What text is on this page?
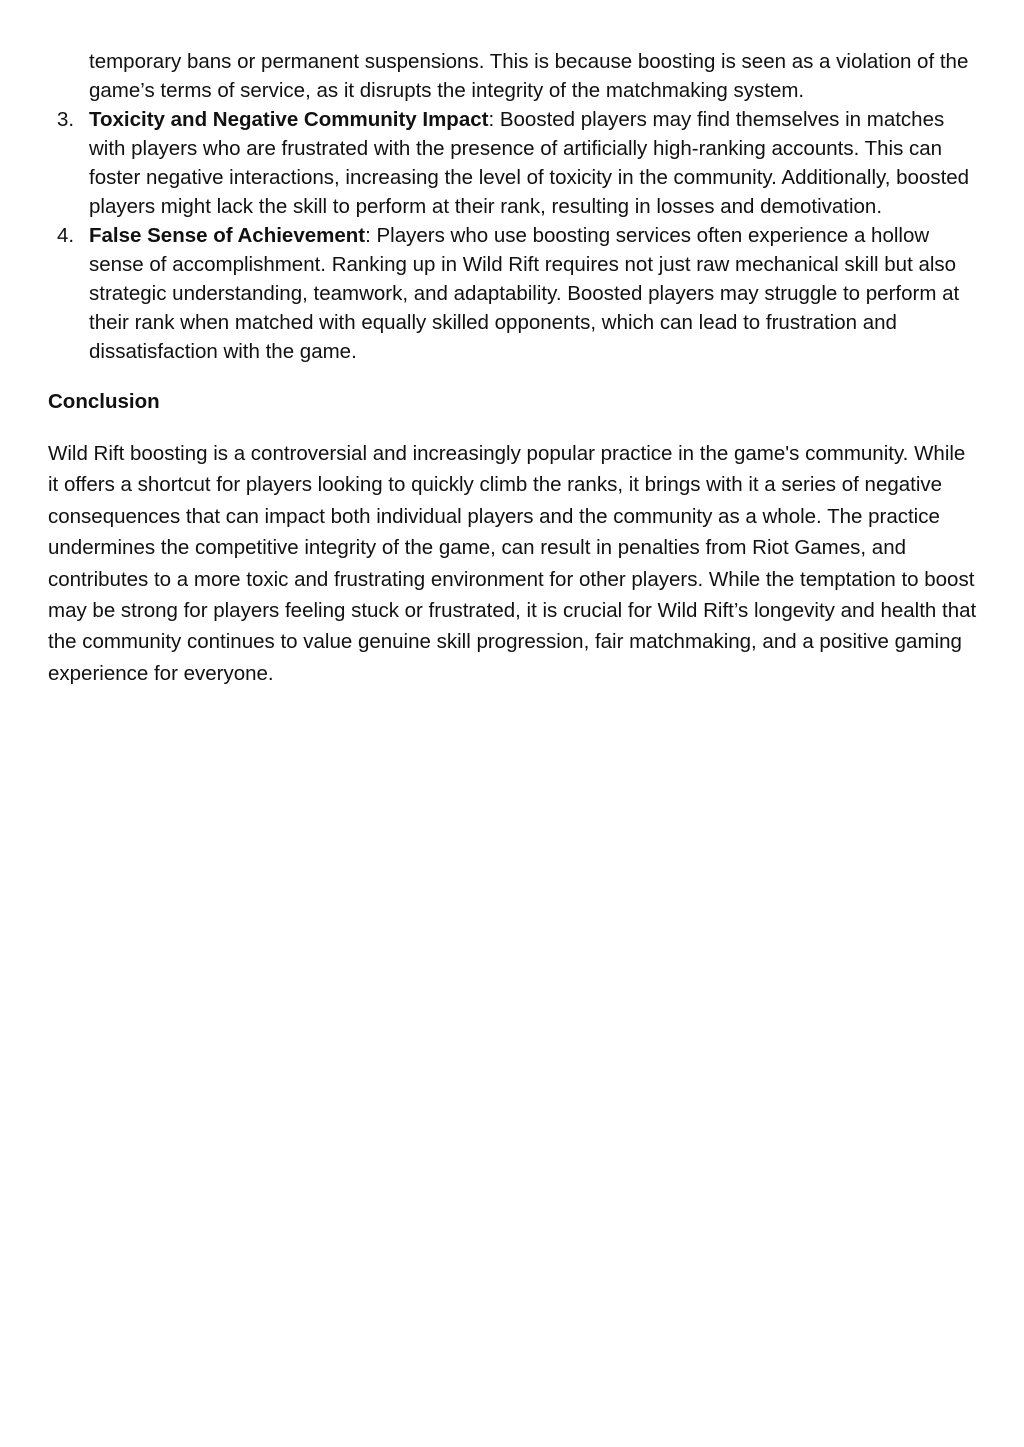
temporary bans or permanent suspensions. This is because boosting is seen as a violation of the game’s terms of service, as it disrupts the integrity of the matchmaking system.
3. Toxicity and Negative Community Impact: Boosted players may find themselves in matches with players who are frustrated with the presence of artificially high-ranking accounts. This can foster negative interactions, increasing the level of toxicity in the community. Additionally, boosted players might lack the skill to perform at their rank, resulting in losses and demotivation.
4. False Sense of Achievement: Players who use boosting services often experience a hollow sense of accomplishment. Ranking up in Wild Rift requires not just raw mechanical skill but also strategic understanding, teamwork, and adaptability. Boosted players may struggle to perform at their rank when matched with equally skilled opponents, which can lead to frustration and dissatisfaction with the game.
Conclusion

Wild Rift boosting is a controversial and increasingly popular practice in the game's community. While it offers a shortcut for players looking to quickly climb the ranks, it brings with it a series of negative consequences that can impact both individual players and the community as a whole. The practice undermines the competitive integrity of the game, can result in penalties from Riot Games, and contributes to a more toxic and frustrating environment for other players. While the temptation to boost may be strong for players feeling stuck or frustrated, it is crucial for Wild Rift’s longevity and health that the community continues to value genuine skill progression, fair matchmaking, and a positive gaming experience for everyone.
